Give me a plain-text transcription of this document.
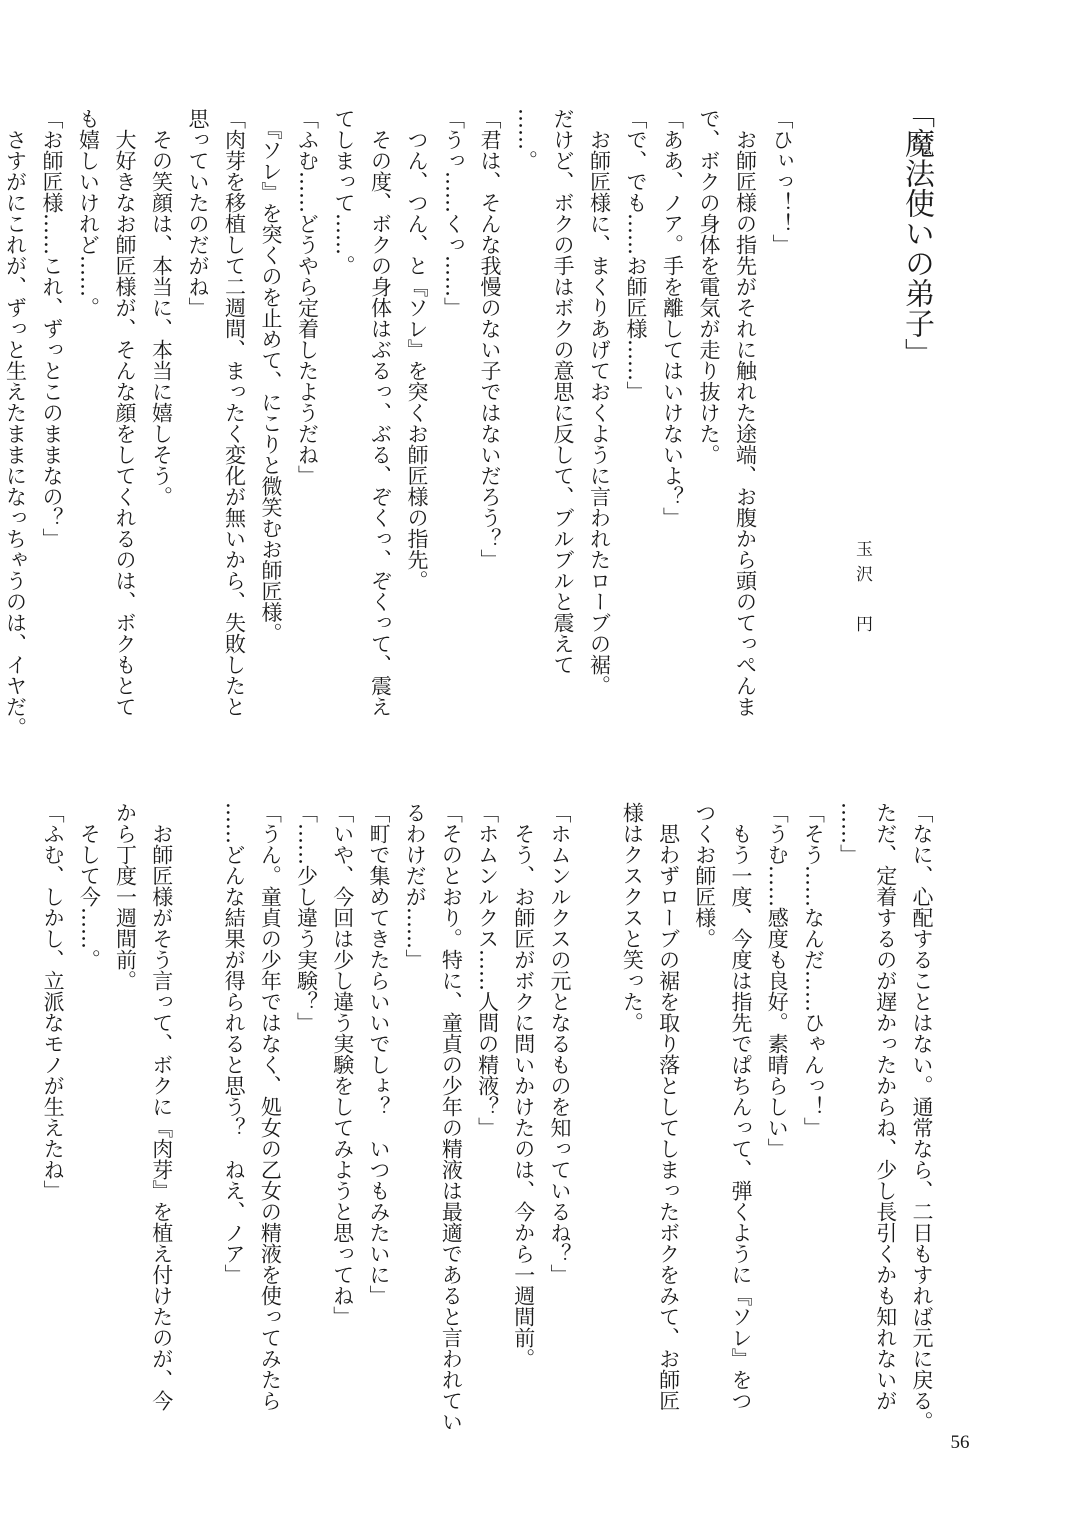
「魔法使いの弟子」
玉沢　円
「ひぃっ！！」
　お師匠様の指先がそれに触れた途端、お腹から頭のてっぺんま
で、ボクの身体を電気が走り抜けた。
「ああ、ノア。手を離してはいけないよ？」
「で、でも……お師匠様……」
　お師匠様に、まくりあげておくように言われたローブの裾。
だけど、ボクの手はボクの意思に反して、ブルブルと震えて
……。
「君は、そんな我慢のない子ではないだろう？」
「うっ……くっ……」
　つん、つん、と『ソレ』を突くお師匠様の指先。
　その度、ボクの身体はぶるっ、ぶる、ぞくっ、ぞくって、震え
てしまって……。
「ふむ……どうやら定着したようだね」
　『ソレ』を突くのを止めて、にこりと微笑むお師匠様。
「肉芽を移植して二週間、まったく変化が無いから、失敗したと
思っていたのだがね」
　その笑顔は、本当に、本当に嬉しそう。
　大好きなお師匠様が、そんな顔をしてくれるのは、ボクもとて
も嬉しいけれど……。
「お師匠様……これ、ずっとこのままなの？」
　さすがにこれが、ずっと生えたままになっちゃうのは、イヤだ。
「なに、心配することはない。通常なら、二日もすれば元に戻る。
ただ、定着するのが遅かったからね、少し長引くかも知れないが
……」
「そう……なんだ……ひゃんっ！」
「うむ……感度も良好。素晴らしい」
　もう一度、今度は指先でぱちんって、弾くように『ソレ』をつ
つくお師匠様。
　思わずローブの裾を取り落としてしまったボクをみて、お師匠
様はクスクスと笑った。

「ホムンルクスの元となるものを知っているね？」
　そう、お師匠がボクに問いかけたのは、今から一週間前。
「ホムンルクス……人間の精液？」
「そのとおり。特に、童貞の少年の精液は最適であると言われてい
るわけだが……」
「町で集めてきたらいいでしょ？　いつもみたいに」
「いや、今回は少し違う実験をしてみようと思ってね」
「……少し違う実験？」
「うん。童貞の少年ではなく、処女の乙女の精液を使ってみたら
……どんな結果が得られると思う？　ねえ、ノア」

　お師匠様がそう言って、ボクに『肉芽』を植え付けたのが、今
から丁度一週間前。
　そして今……。
「ふむ、しかし、立派なモノが生えたね」
56
